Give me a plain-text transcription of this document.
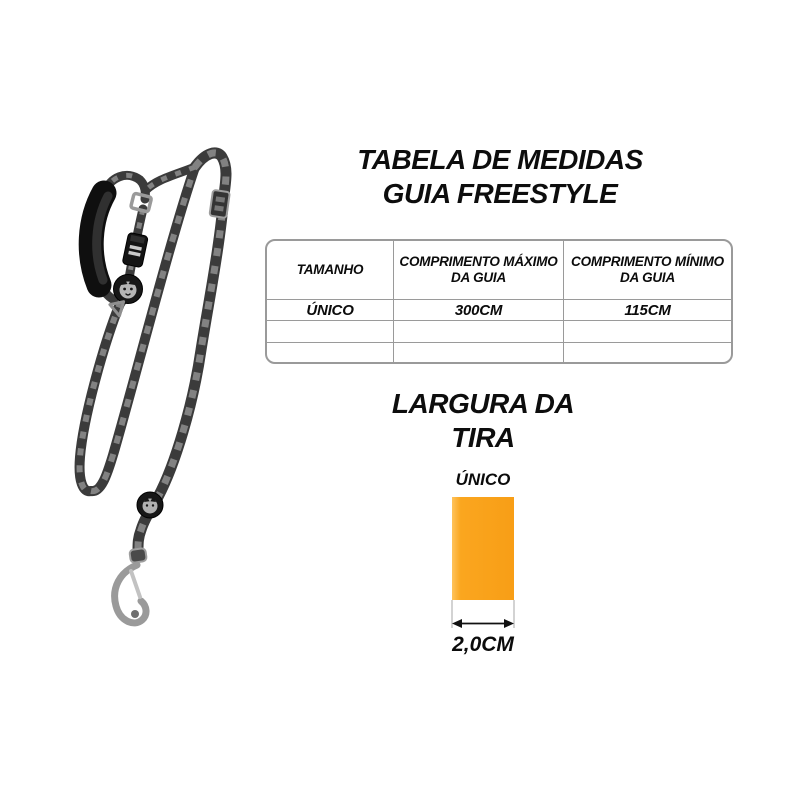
TABELA DE MEDIDAS
GUIA FREESTYLE
TAMANHO
COMPRIMENTO MÁXIMO DA GUIA
COMPRIMENTO MÍNIMO DA GUIA
ÚNICO	300CM	115CM
LARGURA DA
TIRA
ÚNICO
2,0CM
